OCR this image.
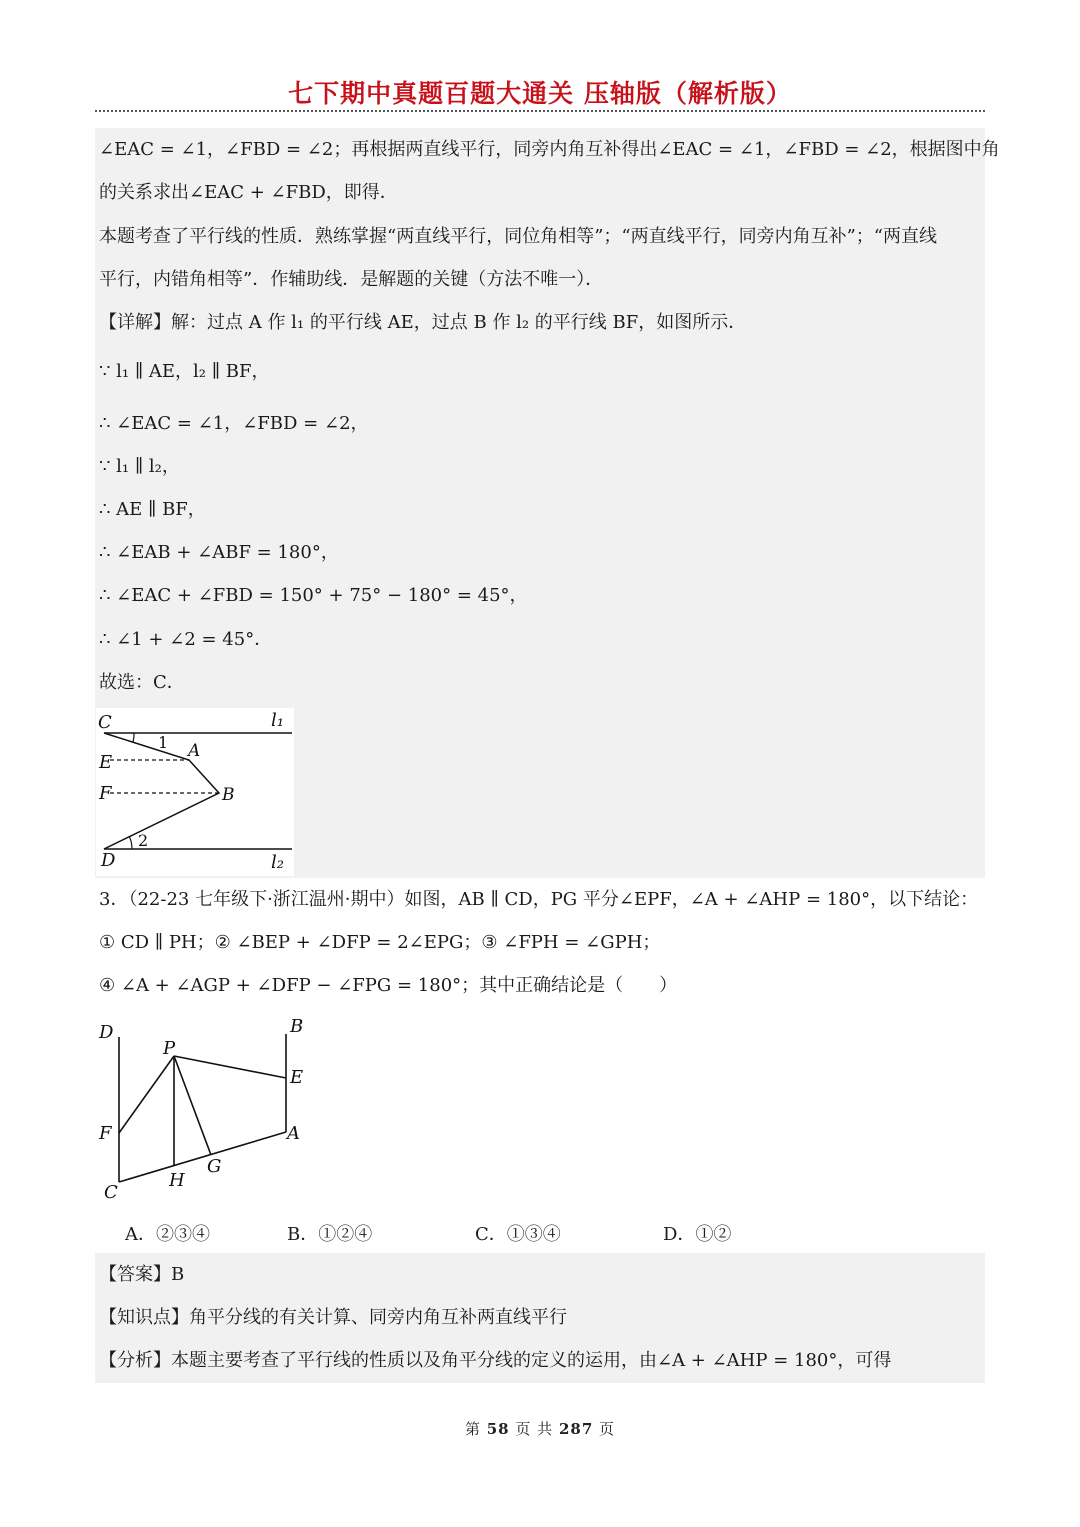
七下期中真题百题大通关 压轴版（解析版）
∠EAC = ∠1，∠FBD = ∠2；再根据两直线平行，同旁内角互补得出∠EAC = ∠1，∠FBD = ∠2，根据图中角
的关系求出∠EAC + ∠FBD，即得．
本题考查了平行线的性质．熟练掌握“两直线平行，同位角相等”；“两直线平行，同旁内角互补”；“两直线
平行，内错角相等”．作辅助线．是解题的关键（方法不唯一）．
【详解】解：过点 A 作 l₁ 的平行线 AE，过点 B 作 l₂ 的平行线 BF，如图所示．
∵ l₁ ∥ AE，l₂ ∥ BF，
∴ ∠EAC = ∠1，∠FBD = ∠2，
∵ l₁ ∥ l₂，
∴ AE ∥ BF，
∴ ∠EAB + ∠ABF = 180°，
∴ ∠EAC + ∠FBD = 150° + 75° − 180° = 45°，
∴ ∠1 + ∠2 = 45°．
故选：C．
C	l₁
1 A
E
F	B
2
D	l₂
3．（22-23 七年级下·浙江温州·期中）如图，AB ∥ CD，PG 平分∠EPF，∠A + ∠AHP = 180°，以下结论：
① CD ∥ PH；② ∠BEP + ∠DFP = 2∠EPG；③ ∠FPH = ∠GPH；
④ ∠A + ∠AGP + ∠DFP − ∠FPG = 180°；其中正确结论是（　　）
D	B
P
E
F	A
G
H
C
A．②③④	B．①②④	C．①③④	D．①②
【答案】B
【知识点】角平分线的有关计算、同旁内角互补两直线平行
【分析】本题主要考查了平行线的性质以及角平分线的定义的运用，由∠A + ∠AHP = 180°，可得
第 58 页 共 287 页
